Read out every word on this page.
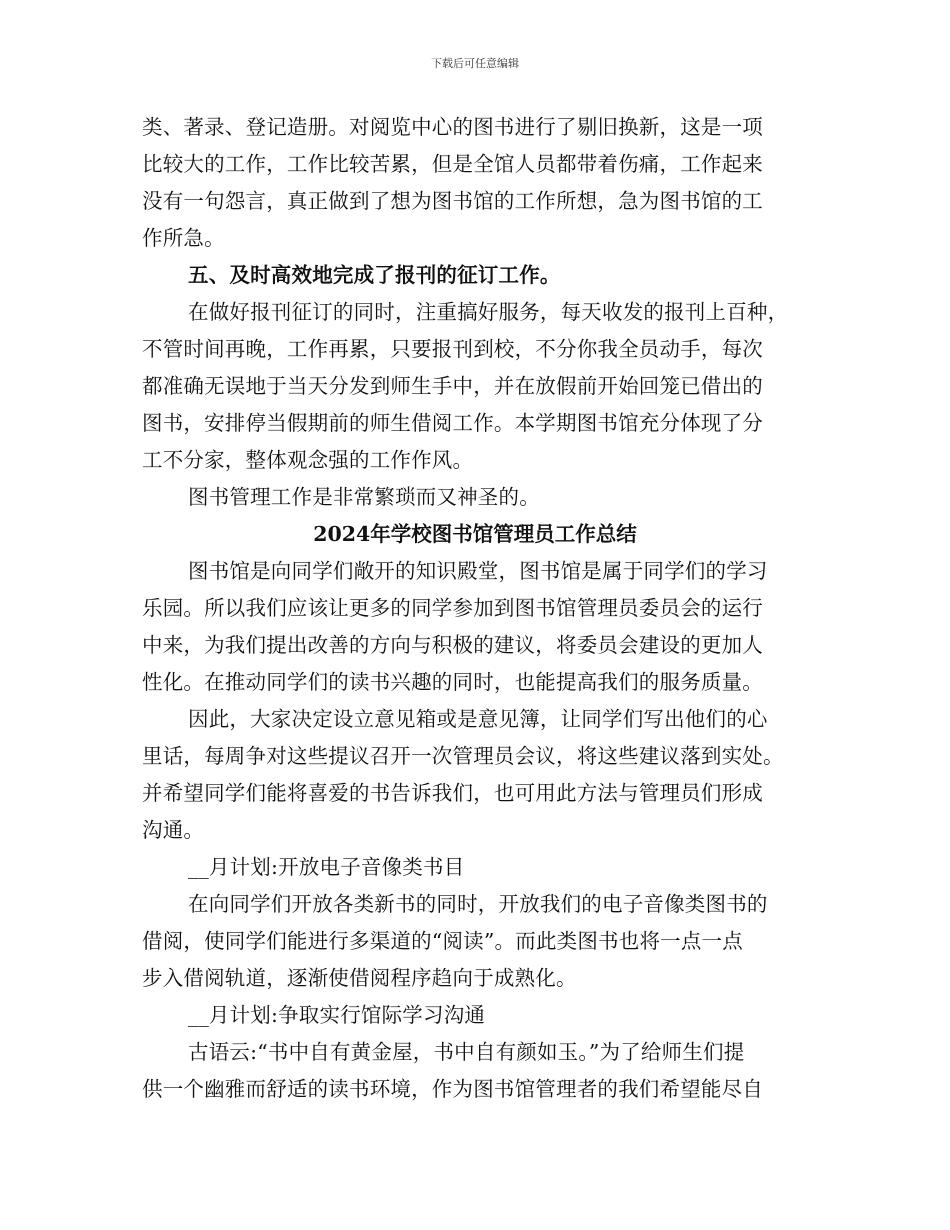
下载后可任意编辑
类、著录、登记造册。对阅览中心的图书进行了剔旧换新，这是一项
比较大的工作，工作比较苦累，但是全馆人员都带着伤痛，工作起来
没有一句怨言，真正做到了想为图书馆的工作所想，急为图书馆的工
作所急。
五、及时高效地完成了报刊的征订工作。
在做好报刊征订的同时，注重搞好服务，每天收发的报刊上百种，
不管时间再晚，工作再累，只要报刊到校，不分你我全员动手，每次
都准确无误地于当天分发到师生手中，并在放假前开始回笼已借出的
图书，安排停当假期前的师生借阅工作。本学期图书馆充分体现了分
工不分家，整体观念强的工作作风。
图书管理工作是非常繁琐而又神圣的。
2024年学校图书馆管理员工作总结
图书馆是向同学们敞开的知识殿堂，图书馆是属于同学们的学习
乐园。所以我们应该让更多的同学参加到图书馆管理员委员会的运行
中来，为我们提出改善的方向与积极的建议，将委员会建设的更加人
性化。在推动同学们的读书兴趣的同时，也能提高我们的服务质量。
因此，大家决定设立意见箱或是意见簿，让同学们写出他们的心
里话，每周争对这些提议召开一次管理员会议，将这些建议落到实处。
并希望同学们能将喜爱的书告诉我们，也可用此方法与管理员们形成
沟通。
__月计划:开放电子音像类书目
在向同学们开放各类新书的同时，开放我们的电子音像类图书的
借阅，使同学们能进行多渠道的“阅读”。而此类图书也将一点一点
步入借阅轨道，逐渐使借阅程序趋向于成熟化。
__月计划:争取实行馆际学习沟通
古语云:“书中自有黄金屋，书中自有颜如玉。”为了给师生们提
供一个幽雅而舒适的读书环境，作为图书馆管理者的我们希望能尽自
